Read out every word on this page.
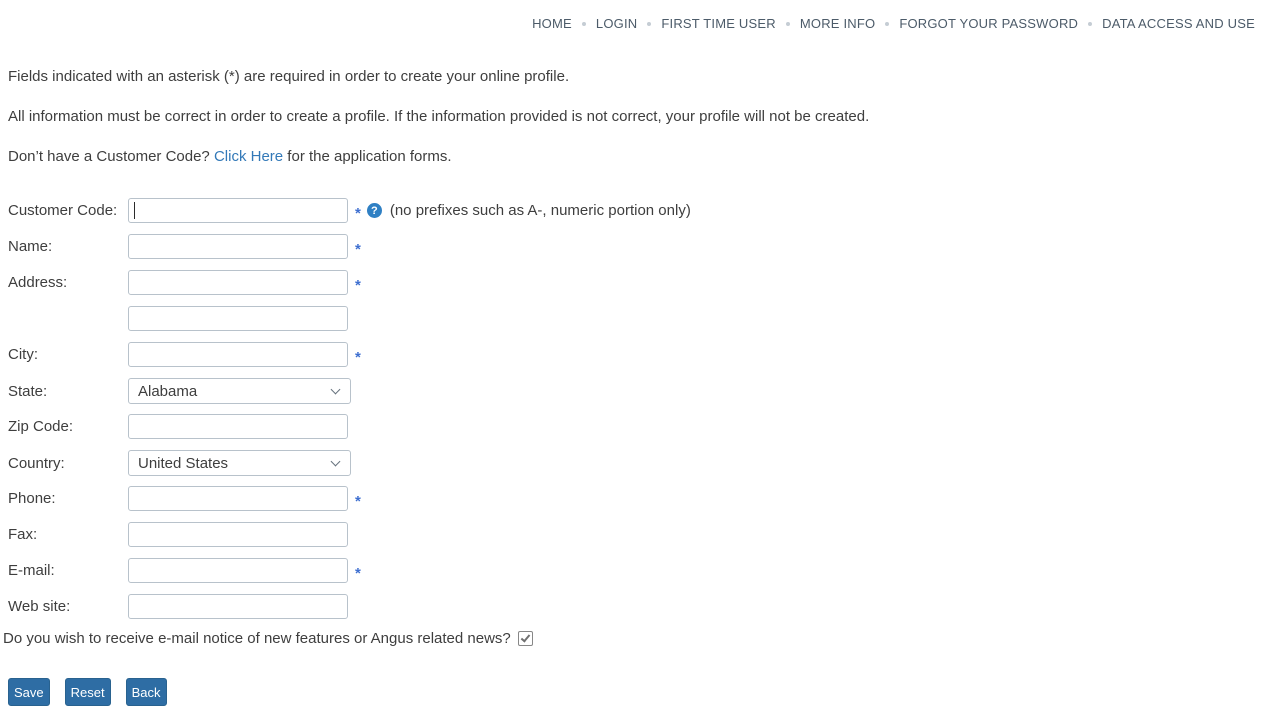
HOME LOGIN FIRST TIME USER MORE INFO FORGOT YOUR PASSWORD DATA ACCESS AND USE

Fields indicated with an asterisk (*) are required in order to create your online profile.

All information must be correct in order to create a profile. If the information provided is not correct, your profile will not be created.

Don’t have a Customer Code? Click Here for the application forms.

Customer Code:	* ? (no prefixes such as A-, numeric portion only)
Name:	*
Address:	*
City:	*
State:	Alabama
Zip Code:
Country:	United States
Phone:	*
Fax:
E-mail:	*
Web site:
Do you wish to receive e-mail notice of new features or Angus related news?
Save	Reset	Back
